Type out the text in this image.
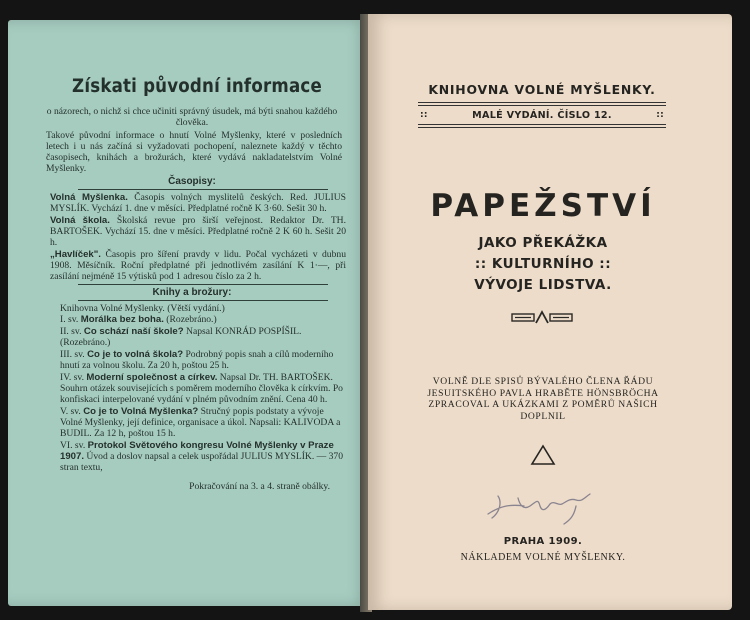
Získati původní informace

o názorech, o nichž si chce učiniti správný úsudek, má býti snahou každého člověka.

Takové původní informace o hnutí Volné Myšlenky, které v posledních letech i u nás začíná si vyžadovati pochopení, naleznete každý v těchto časopisech, knihách a brožurách, které vydává nakladatelstvím Volné Myšlenky.

Časopisy:

Volná Myšlenka. Časopis volných myslitelů českých. Red. JULIUS MYSLÍK. Vychází 1. dne v měsíci. Předplatné ročně K 3·60. Sešit 30 h.

Volná škola. Školská revue pro širší veřejnost. Redaktor Dr. TH. BARTOŠEK. Vychází 15. dne v měsíci. Předplatné ročně 2 K 60 h. Sešit 20 h.

„Havlíček". Časopis pro šíření pravdy v lidu. Počal vycházeti v dubnu 1908. Měsíčník. Roční předplatné při jednotlivém zasílání K 1·—, při zasílání nejméně 15 výtisků pod 1 adresou číslo za 2 h.

Knihy a brožury:

Knihovna Volné Myšlenky. (Větší vydání.)

I. sv. Morálka bez boha. (Rozebráno.)

II. sv. Co schází naší škole? Napsal KONRÁD POSPÍŠIL. (Rozebráno.)

III. sv. Co je to volná škola? Podrobný popis snah a cílů moderního hnutí za volnou školu. Za 20 h, poštou 25 h.

IV. sv. Moderní společnost a církev. Napsal Dr. TH. BARTOŠEK. Souhrn otázek souvisejících s poměrem moderního člověka k církvím. Po konfiskaci interpelované vydání v plném původním znění. Cena 40 h.

V. sv. Co je to Volná Myšlenka? Stručný popis podstaty a vývoje Volné Myšlenky, její definice, organisace a úkol. Napsali: KALIVODA a BUDIL. Za 12 h, poštou 15 h.

VI. sv. Protokol Světového kongresu Volné Myšlenky v Praze 1907. Úvod a doslov napsal a celek uspořádal JULIUS MYSLÍK. — 370 stran textu,

Pokračování na 3. a 4. straně obálky.

KNIHOVNA VOLNÉ MYŠLENKY.
::	MALÉ VYDÁNÍ. ČÍSLO 12.	::
PAPEŽSTVÍ
JAKO PŘEKÁŽKA
:: KULTURNÍHO ::
VÝVOJE LIDSTVA.
VOLNĚ DLE SPISŮ BÝVALÉHO ČLENA ŘÁDU JESUITSKÉHO PAVLA HRABĚTE HÖNSBRÖCHA ZPRACOVAL A UKÁZKAMI Z POMĚRŮ NAŠICH DOPLNIL
PRAHA 1909.
NÁKLADEM VOLNÉ MYŠLENKY.
